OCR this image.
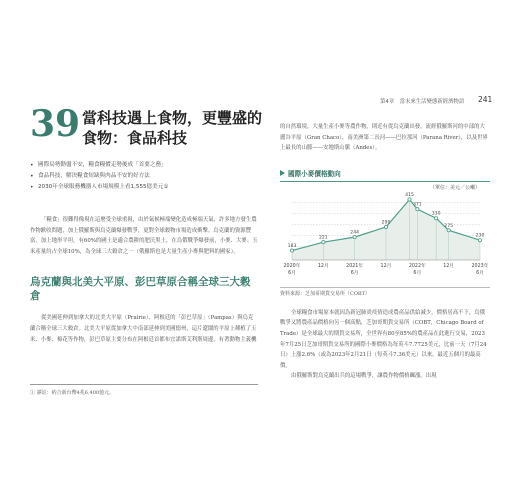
39 當科技遇上食物，更豐盛的食物：食品科技
• 國際局勢動盪不安，糧食糧價走勢後成「首要之務」
• 食品科技，解決糧食短缺與肉品不安的好方法
• 2030年全球服務機器人市場規模上看1,555億美元①

「糧食」很難得像現在這麼受全球重視，由於氣候極端變化造成極端天氣，許多地方發生農作物歉收問題，加上俄羅斯與烏克蘭爆發戰爭，更對全球穀物市場造成衝擊。烏克蘭的資源豐富，加上地形平坦，有60%的國土是適合農耕的肥沃黑土，在烏俄戰爭爆發前，小麥、大麥、玉米產量約占全球10%，為全球三大穀倉之一（俄羅斯也是大量生產小麥與肥料的國家）。

烏克蘭與北美大平原、彭巴草原合稱全球三大穀倉

從美國延伸到加拿大的北美大平原（Prairie）、阿根廷的「彭巴草原」（Pampas）與烏克蘭合稱全球三大穀倉。北美大平原從加拿大中南部延伸到美國德州，這片遼闊的平原上種植了玉米、小麥、棉花等作物，彭巴草原主要分布在阿根廷首都布宜諾斯艾利斯周邊，有著動物主義機

① 譯註：約合新台幣4兆6,400億元。
第4章　當未來生活變態新經濟物語 241

的自然環境，大量生產小麥等農作物，則近有從烏克蘭出發，流經俄羅斯河的中部的大麗谷平原（Gran Chaco），南美洲第二長河——巴拉那河（Parana River），以及世界上最長的山脈——安地斯山脈（Andes）。

國際小麥價格動向
（單位：美元／公噸）
183
221
244
290
415
371
330
275
230
2020年
6月
12月	2021年
6月
12月	2022年
6月
12月	2023年
6月
資料來源：芝加哥期貨交易所（COBT）

全球糧食市場原本就因為新冠肺炎疫情造成農產品供給減少，價格居高不下，烏俄戰爭又將農產品價格向另一個高點，芝加哥期貨交易所（COBT，Chicago Board of Trade）是全球最大的期貨交易所，全世界有80至85%的農產品在此進行交易，2023年7月25日芝加哥期貨交易所的國際小麥價格為每英斗7.7725美元，比前一天（7月24日）上漲2.6%（或為2023年2月21日（每英斗7.36美元）以來，最近五個月的最高價。

由俄羅斯對烏克蘭出兵的這場戰爭，讓農作物價格飆漲。出現
